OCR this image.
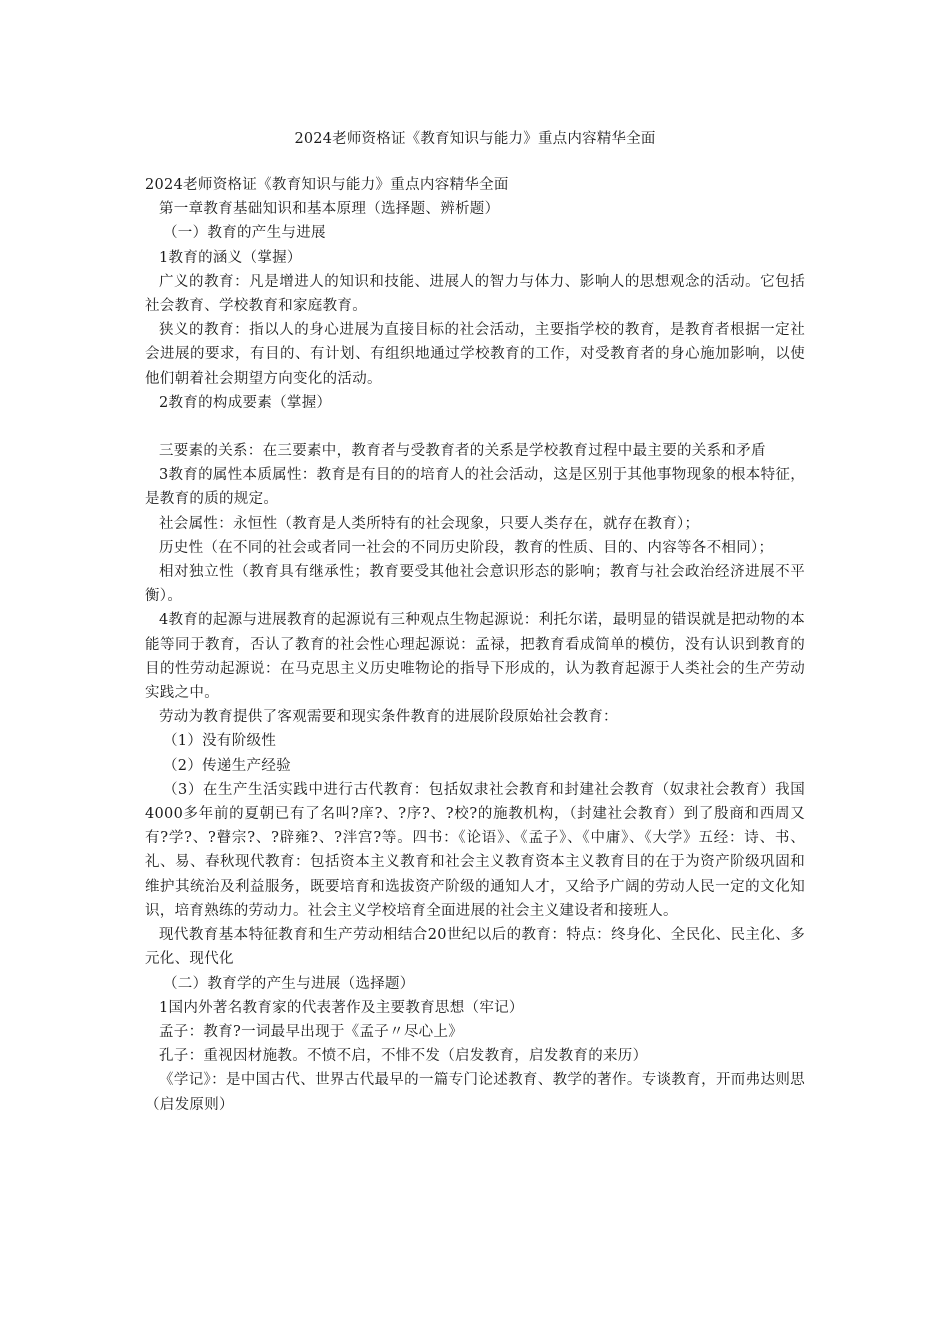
2024老师资格证《教育知识与能力》重点内容精华全面

2024老师资格证《教育知识与能力》重点内容精华全面

第一章教育基础知识和基本原理（选择题、辨析题）

（一）教育的产生与进展

1教育的涵义（掌握）

广义的教育：凡是增进人的知识和技能、进展人的智力与体力、影响人的思想观念的活动。它包括社会教育、学校教育和家庭教育。

狭义的教育：指以人的身心进展为直接目标的社会活动，主要指学校的教育，是教育者根据一定社会进展的要求，有目的、有计划、有组织地通过学校教育的工作，对受教育者的身心施加影响，以使他们朝着社会期望方向变化的活动。

2教育的构成要素（掌握）

三要素的关系：在三要素中，教育者与受教育者的关系是学校教育过程中最主要的关系和矛盾

3教育的属性本质属性：教育是有目的的培育人的社会活动，这是区别于其他事物现象的根本特征，是教育的质的规定。

社会属性：永恒性（教育是人类所特有的社会现象，只要人类存在，就存在教育）；

历史性（在不同的社会或者同一社会的不同历史阶段，教育的性质、目的、内容等各不相同）；

相对独立性（教育具有继承性；教育要受其他社会意识形态的影响；教育与社会政治经济进展不平衡）。

4教育的起源与进展教育的起源说有三种观点生物起源说：利托尔诺，最明显的错误就是把动物的本能等同于教育，否认了教育的社会性心理起源说：孟禄，把教育看成简单的模仿，没有认识到教育的目的性劳动起源说：在马克思主义历史唯物论的指导下形成的，认为教育起源于人类社会的生产劳动实践之中。

劳动为教育提供了客观需要和现实条件教育的进展阶段原始社会教育：

（1）没有阶级性

（2）传递生产经验

（3）在生产生活实践中进行古代教育：包括奴隶社会教育和封建社会教育（奴隶社会教育）我国4000多年前的夏朝已有了名叫?庠?、?序?、?校?的施教机构，（封建社会教育）到了殷商和西周又有?学?、?瞽宗?、?辟雍?、?泮宫?等。四书：《论语》、《孟子》、《中庸》、《大学》五经：诗、书、礼、易、春秋现代教育：包括资本主义教育和社会主义教育资本主义教育目的在于为资产阶级巩固和维护其统治及利益服务，既要培育和选拔资产阶级的通知人才，又给予广阔的劳动人民一定的文化知识，培育熟练的劳动力。社会主义学校培育全面进展的社会主义建设者和接班人。

现代教育基本特征教育和生产劳动相结合20世纪以后的教育：特点：终身化、全民化、民主化、多元化、现代化

（二）教育学的产生与进展（选择题）

1国内外著名教育家的代表著作及主要教育思想（牢记）

孟子：教育?一词最早出现于《孟子〃尽心上》

孔子：重视因材施教。不愤不启，不悱不发（启发教育，启发教育的来历）

《学记》：是中国古代、世界古代最早的一篇专门论述教育、教学的著作。专谈教育，开而弗达则思（启发原则）
